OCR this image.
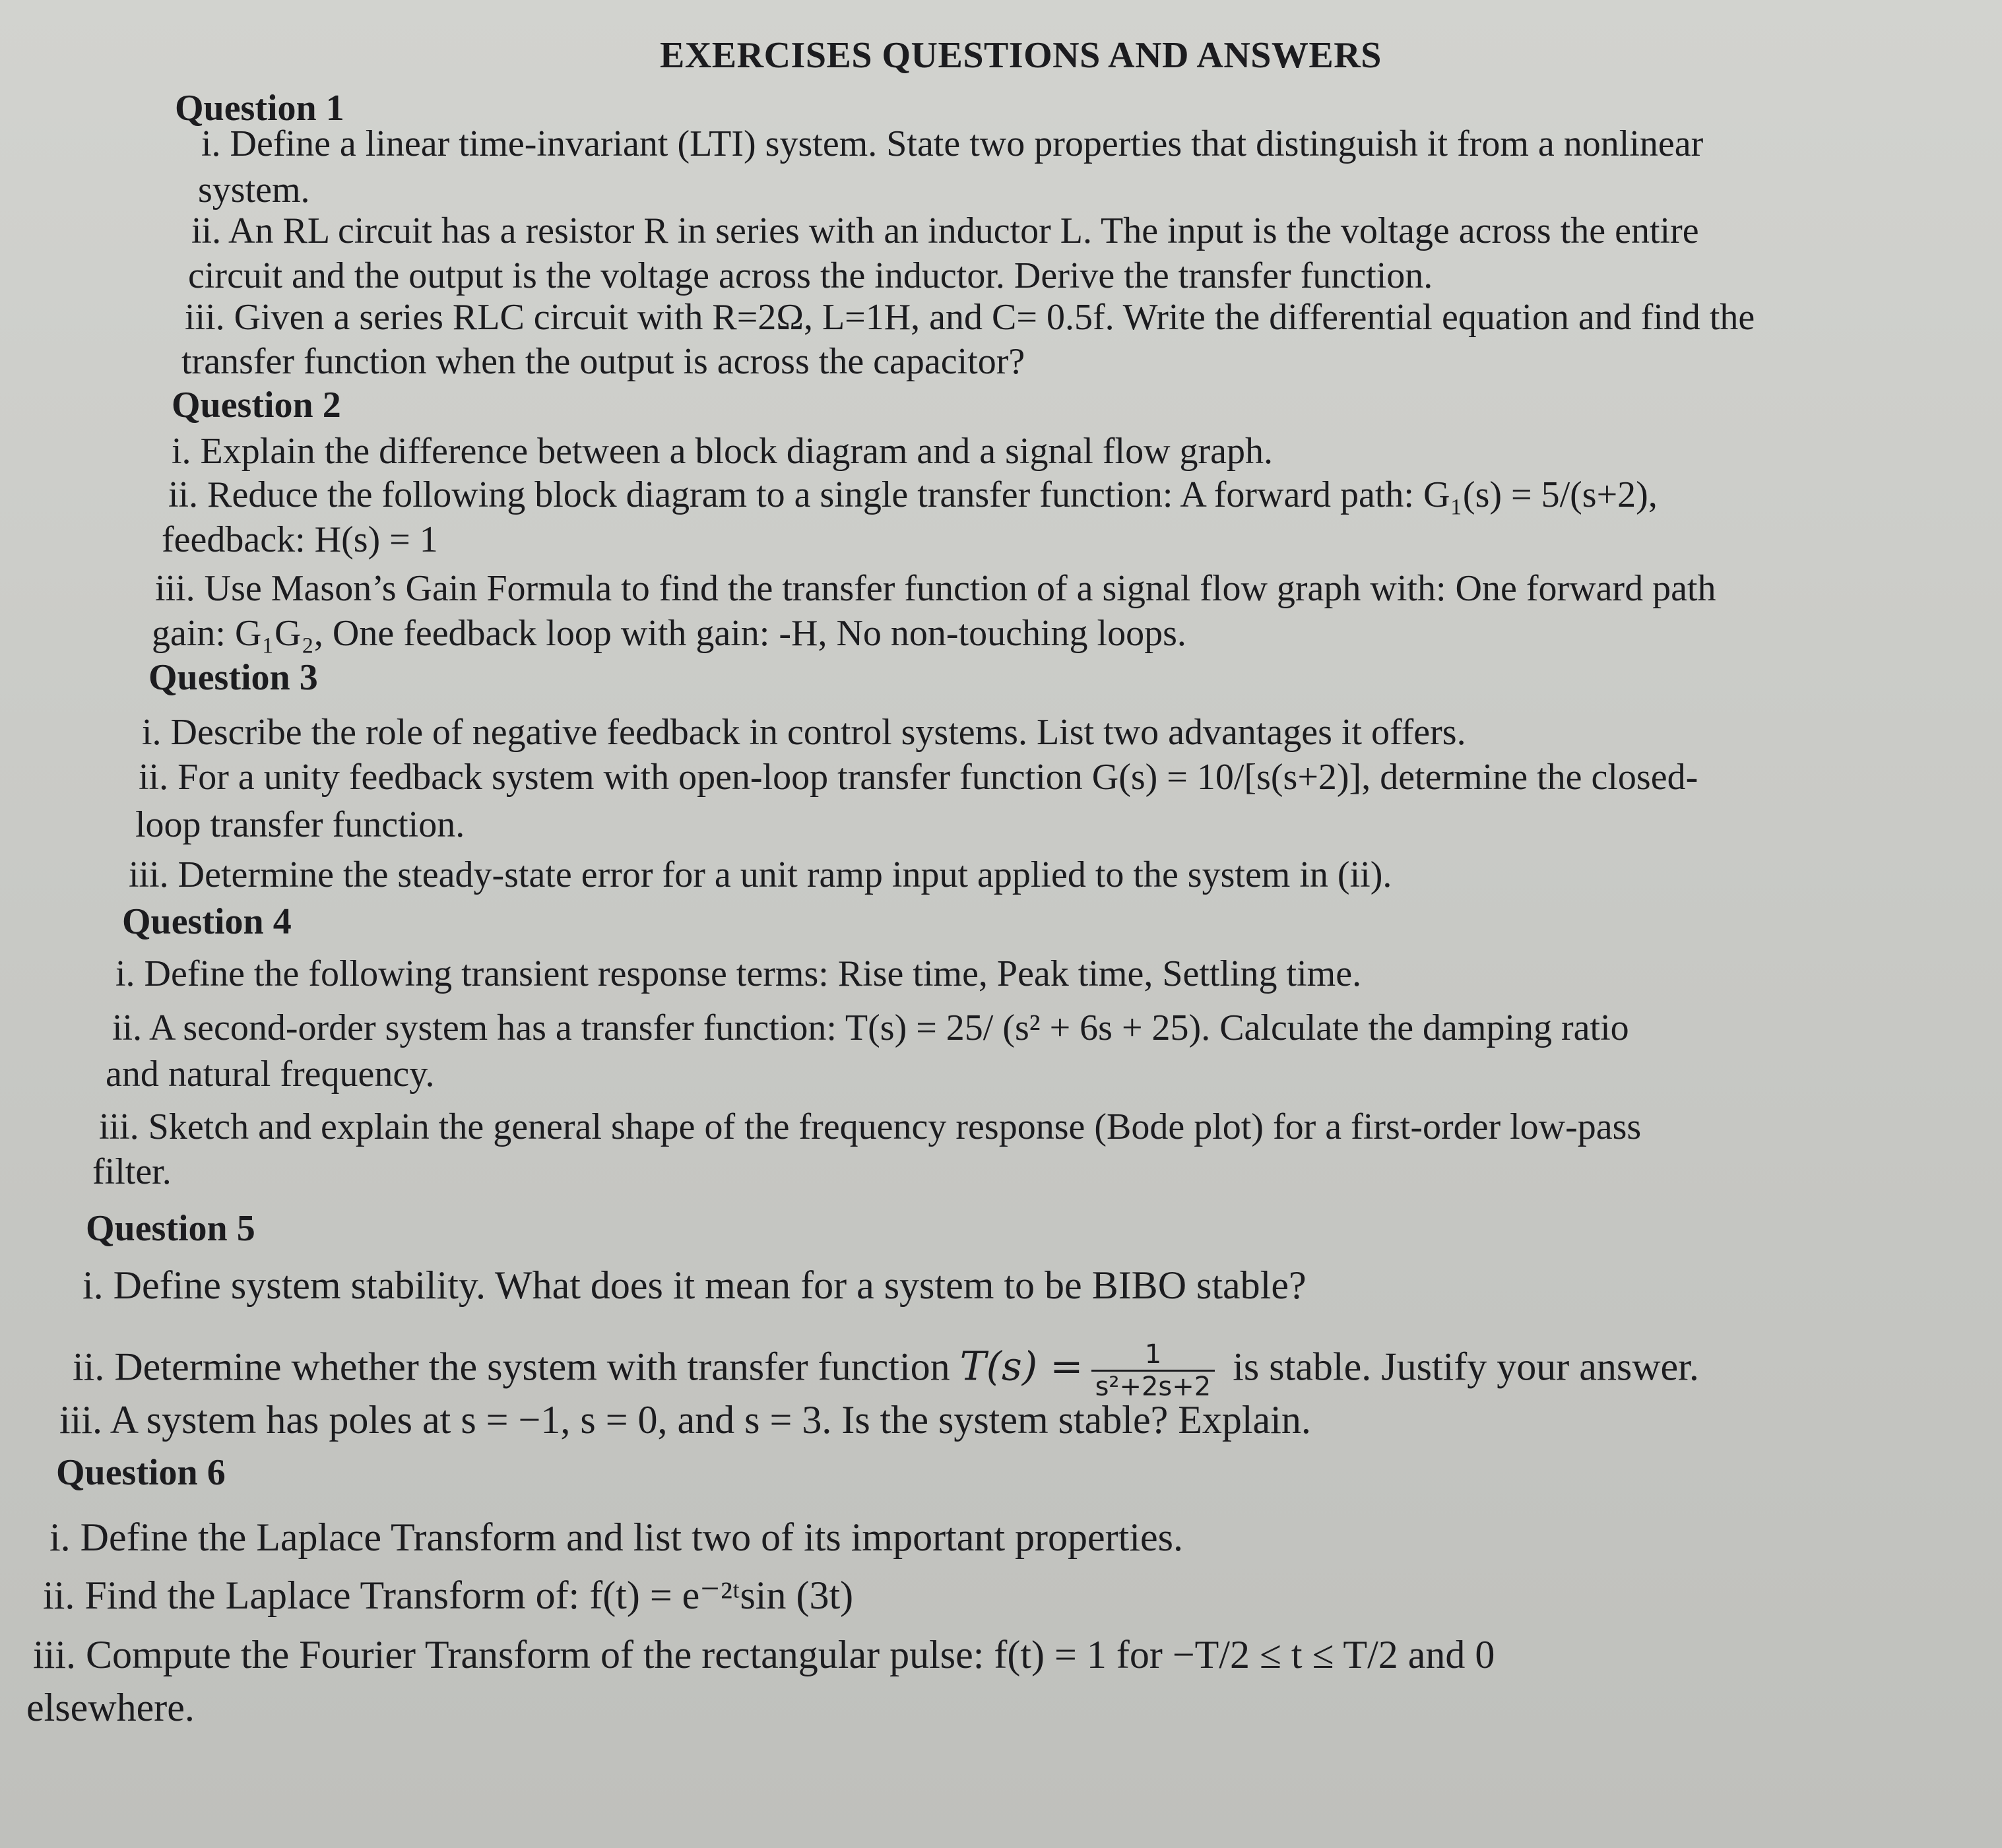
EXERCISES QUESTIONS AND ANSWERS
Question 1
i. Define a linear time-invariant (LTI) system. State two properties that distinguish it from a nonlinear
system.
ii. An RL circuit has a resistor R in series with an inductor L. The input is the voltage across the entire
circuit and the output is the voltage across the inductor. Derive the transfer function.
iii. Given a series RLC circuit with R=2Ω, L=1H, and C= 0.5f. Write the differential equation and find the
transfer function when the output is across the capacitor?
Question 2
i. Explain the difference between a block diagram and a signal flow graph.
ii. Reduce the following block diagram to a single transfer function: A forward path: G₁(s) = 5/(s+2),
feedback: H(s) = 1
iii. Use Mason’s Gain Formula to find the transfer function of a signal flow graph with: One forward path
gain: G₁G₂, One feedback loop with gain: -H, No non-touching loops.
Question 3
i. Describe the role of negative feedback in control systems. List two advantages it offers.
ii. For a unity feedback system with open-loop transfer function G(s) = 10/[s(s+2)], determine the closed-
loop transfer function.
iii. Determine the steady-state error for a unit ramp input applied to the system in (ii).
Question 4
i. Define the following transient response terms: Rise time, Peak time, Settling time.
ii. A second-order system has a transfer function: T(s) = 25/ (s² + 6s + 25). Calculate the damping ratio
and natural frequency.
iii. Sketch and explain the general shape of the frequency response (Bode plot) for a first-order low-pass
filter.
Question 5
i. Define system stability. What does it mean for a system to be BIBO stable?
ii. Determine whether the system with transfer function $T(s) = \frac{1}{\text{s²+2s+2}}$ is stable. Justify your answer.
iii. A system has poles at s = −1, s = 0, and s = 3. Is the system stable? Explain.
Question 6
i. Define the Laplace Transform and list two of its important properties.
ii. Find the Laplace Transform of: f(t) = e⁻²ᵗsin (3t)
iii. Compute the Fourier Transform of the rectangular pulse: f(t) = 1 for −T/2 ≤ t ≤ T/2 and 0
elsewhere.
